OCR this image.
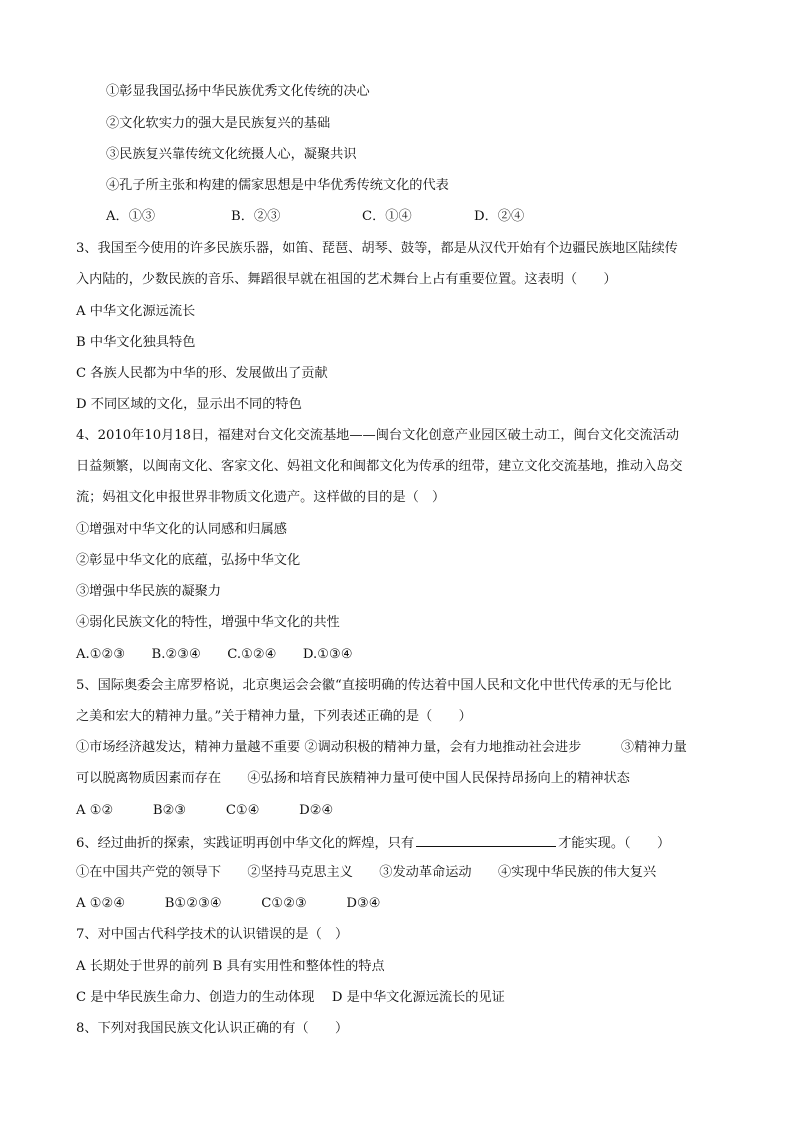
①彰显我国弘扬中华民族优秀文化传统的决心
②文化软实力的强大是民族复兴的基础
③民族复兴靠传统文化统摄人心，凝聚共识
④孔子所主张和构建的儒家思想是中华优秀传统文化的代表
A．①③	B．②③	C．①④	D．②④
3、我国至今使用的许多民族乐器，如笛、琵琶、胡琴、鼓等，都是从汉代开始有个边疆民族地区陆续传
入内陆的，少数民族的音乐、舞蹈很早就在祖国的艺术舞台上占有重要位置。这表明（　　）
A 中华文化源远流长
B 中华文化独具特色
C 各族人民都为中华的形、发展做出了贡献
D 不同区域的文化，显示出不同的特色
4、2010年10月18日，福建对台文化交流基地——闽台文化创意产业园区破土动工，闽台文化交流活动
日益频繁，以闽南文化、客家文化、妈祖文化和闽都文化为传承的纽带，建立文化交流基地，推动入岛交
流；妈祖文化申报世界非物质文化遗产。这样做的目的是（　）
①增强对中华文化的认同感和归属感
②彰显中华文化的底蕴，弘扬中华文化
③增强中华民族的凝聚力
④弱化民族文化的特性，增强中华文化的共性
A.①②③　　B.②③④　　C.①②④　　D.①③④
5、国际奥委会主席罗格说，北京奥运会会徽“直接明确的传达着中国人民和文化中世代传承的无与伦比
之美和宏大的精神力量。”关于精神力量，下列表述正确的是（　　）
①市场经济越发达，精神力量越不重要 ②调动积极的精神力量，会有力地推动社会进步　　　③精神力量
可以脱离物质因素而存在　　④弘扬和培育民族精神力量可使中国人民保持昂扬向上的精神状态
A ①②　　　B②③　　　C①④　　　D②④
6、经过曲折的探索，实践证明再创中华文化的辉煌，只有	才能实现。（　　）
①在中国共产党的领导下　　②坚持马克思主义　　③发动革命运动　　④实现中华民族的伟大复兴
A ①②④　　　B①②③④　　　C①②③　　　D③④
7、对中国古代科学技术的认识错误的是（　）
A 长期处于世界的前列 B 具有实用性和整体性的特点
C 是中华民族生命力、创造力的生动体现　 D 是中华文化源远流长的见证
8、下列对我国民族文化认识正确的有（　　）
